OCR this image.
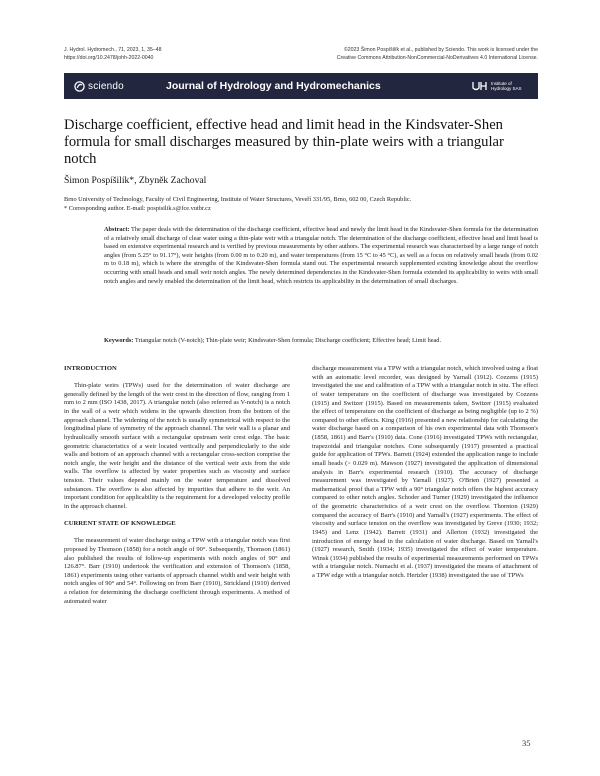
J. Hydrol. Hydromech., 71, 2023, 1, 35–48
https://doi.org/10.2478/johh-2022-0040
©2023 Šimon Pospíšilík et al., published by Sciendo. This work is licensed under the
Creative Commons Attribution-NonCommercial-NoDerivatives 4.0 International License.
sciendo	Journal of Hydrology and Hydromechanics	Institute of
Hydrology SAS
Discharge coefficient, effective head and limit head in the Kindsvater-Shen formula for small discharges measured by thin-plate weirs with a triangular notch
Šimon Pospíšilík*, Zbyněk Zachoval
Brno University of Technology, Faculty of Civil Engineering, Institute of Water Structures, Veveří 331/95, Brno, 602 00, Czech Republic.
* Corresponding author. E-mail: pospisilik.s@fce.vutbr.cz

Abstract: The paper deals with the determination of the discharge coefficient, effective head and newly the limit head in the Kindsvater-Shen formula for the determination of a relatively small discharge of clear water using a thin-plate weir with a triangular notch. The determination of the discharge coefficient, effective head and limit head is based on extensive experimental research and is verified by previous measurements by other authors. The experimental research was characterised by a large range of notch angles (from 5.25° to 91.17°), weir heights (from 0.00 m to 0.20 m), and water temperatures (from 15 °C to 45 °C), as well as a focus on relatively small heads (from 0.02 m to 0.18 m), which is where the strengths of the Kindsvater-Shen formula stand out. The experimental research supplemented existing knowledge about the overflow occurring with small heads and small weir notch angles. The newly determined dependencies in the Kindsvater-Shen formula extended its applicability to weirs with small notch angles and newly enabled the determination of the limit head, which restricts its applicability in the determination of small discharges.

Keywords: Triangular notch (V-notch); Thin-plate weir; Kindsvater-Shen formula; Discharge coefficient; Effective head; Limit head.

INTRODUCTION

Thin-plate weirs (TPWs) used for the determination of water discharge are generally defined by the length of the weir crest in the direction of flow, ranging from 1 mm to 2 mm (ISO 1438, 2017). A triangular notch (also referred as V-notch) is a notch in the wall of a weir which widens in the upwards direction from the bottom of the approach channel. The widening of the notch is usually symmetrical with respect to the longitudinal plane of symmetry of the approach channel. The weir wall is a planar and hydraulically smooth surface with a rectangular upstream weir crest edge. The basic geometric characteristics of a weir located vertically and perpendicularly to the side walls and bottom of an approach channel with a rectangular cross-section comprise the notch angle, the weir height and the distance of the vertical weir axis from the side walls. The overflow is affected by water properties such as viscosity and surface tension. Their values depend mainly on the water temperature and dissolved substances. The overflow is also affected by impurities that adhere to the weir. An important condition for applicability is the requirement for a developed velocity profile in the approach channel.

CURRENT STATE OF KNOWLEDGE

The measurement of water discharge using a TPW with a triangular notch was first proposed by Thomson (1858) for a notch angle of 90°. Subsequently, Thomson (1861) also published the results of follow-up experiments with notch angles of 90° and 126.87°. Barr (1910) undertook the verification and extension of Thomson's (1858, 1861) experiments using other variants of approach channel width and weir height with notch angles of 90° and 54°. Following on from Barr (1910), Strickland (1910) derived a relation for determining the discharge coefficient through experiments. A method of automated water

discharge measurement via a TPW with a triangular notch, which involved using a float with an automatic level recorder, was designed by Yarnall (1912). Cozzens (1915) investigated the use and calibration of a TPW with a triangular notch in situ. The effect of water temperature on the coefficient of discharge was investigated by Cozzens (1915) and Switzer (1915). Based on measurements taken, Switzer (1915) evaluated the effect of temperature on the coefficient of discharge as being negligible (up to 2 %) compared to other effects. King (1916) presented a new relationship for calculating the water discharge based on a comparison of his own experimental data with Thomson's (1858, 1861) and Barr's (1910) data. Cone (1916) investigated TPWs with rectangular, trapezoidal and triangular notches. Cone subsequently (1917) presented a practical guide for application of TPWs. Barrett (1924) extended the application range to include small heads (> 0.029 m). Mawson (1927) investigated the application of dimensional analysis in Barr's experimental research (1910). The accuracy of discharge measurement was investigated by Yarnall (1927). O'Brien (1927) presented a mathematical proof that a TPW with a 90° triangular notch offers the highest accuracy compared to other notch angles. Schoder and Turner (1929) investigated the influence of the geometric characteristics of a weir crest on the overflow. Thornton (1929) compared the accuracy of Barr's (1910) and Yarnall's (1927) experiments. The effect of viscosity and surface tension on the overflow was investigated by Greve (1930; 1932; 1945) and Lenz (1942). Barrett (1931) and Allerton (1932) investigated the introduction of energy head in the calculation of water discharge. Based on Yarnall's (1927) research, Smith (1934; 1935) investigated the effect of water temperature. Winsk (1934) published the results of experimental measurements performed on TPWs with a triangular notch. Numachi et al. (1937) investigated the means of attachment of a TPW edge with a triangular notch. Hertzler (1938) investigated the use of TPWs

35
